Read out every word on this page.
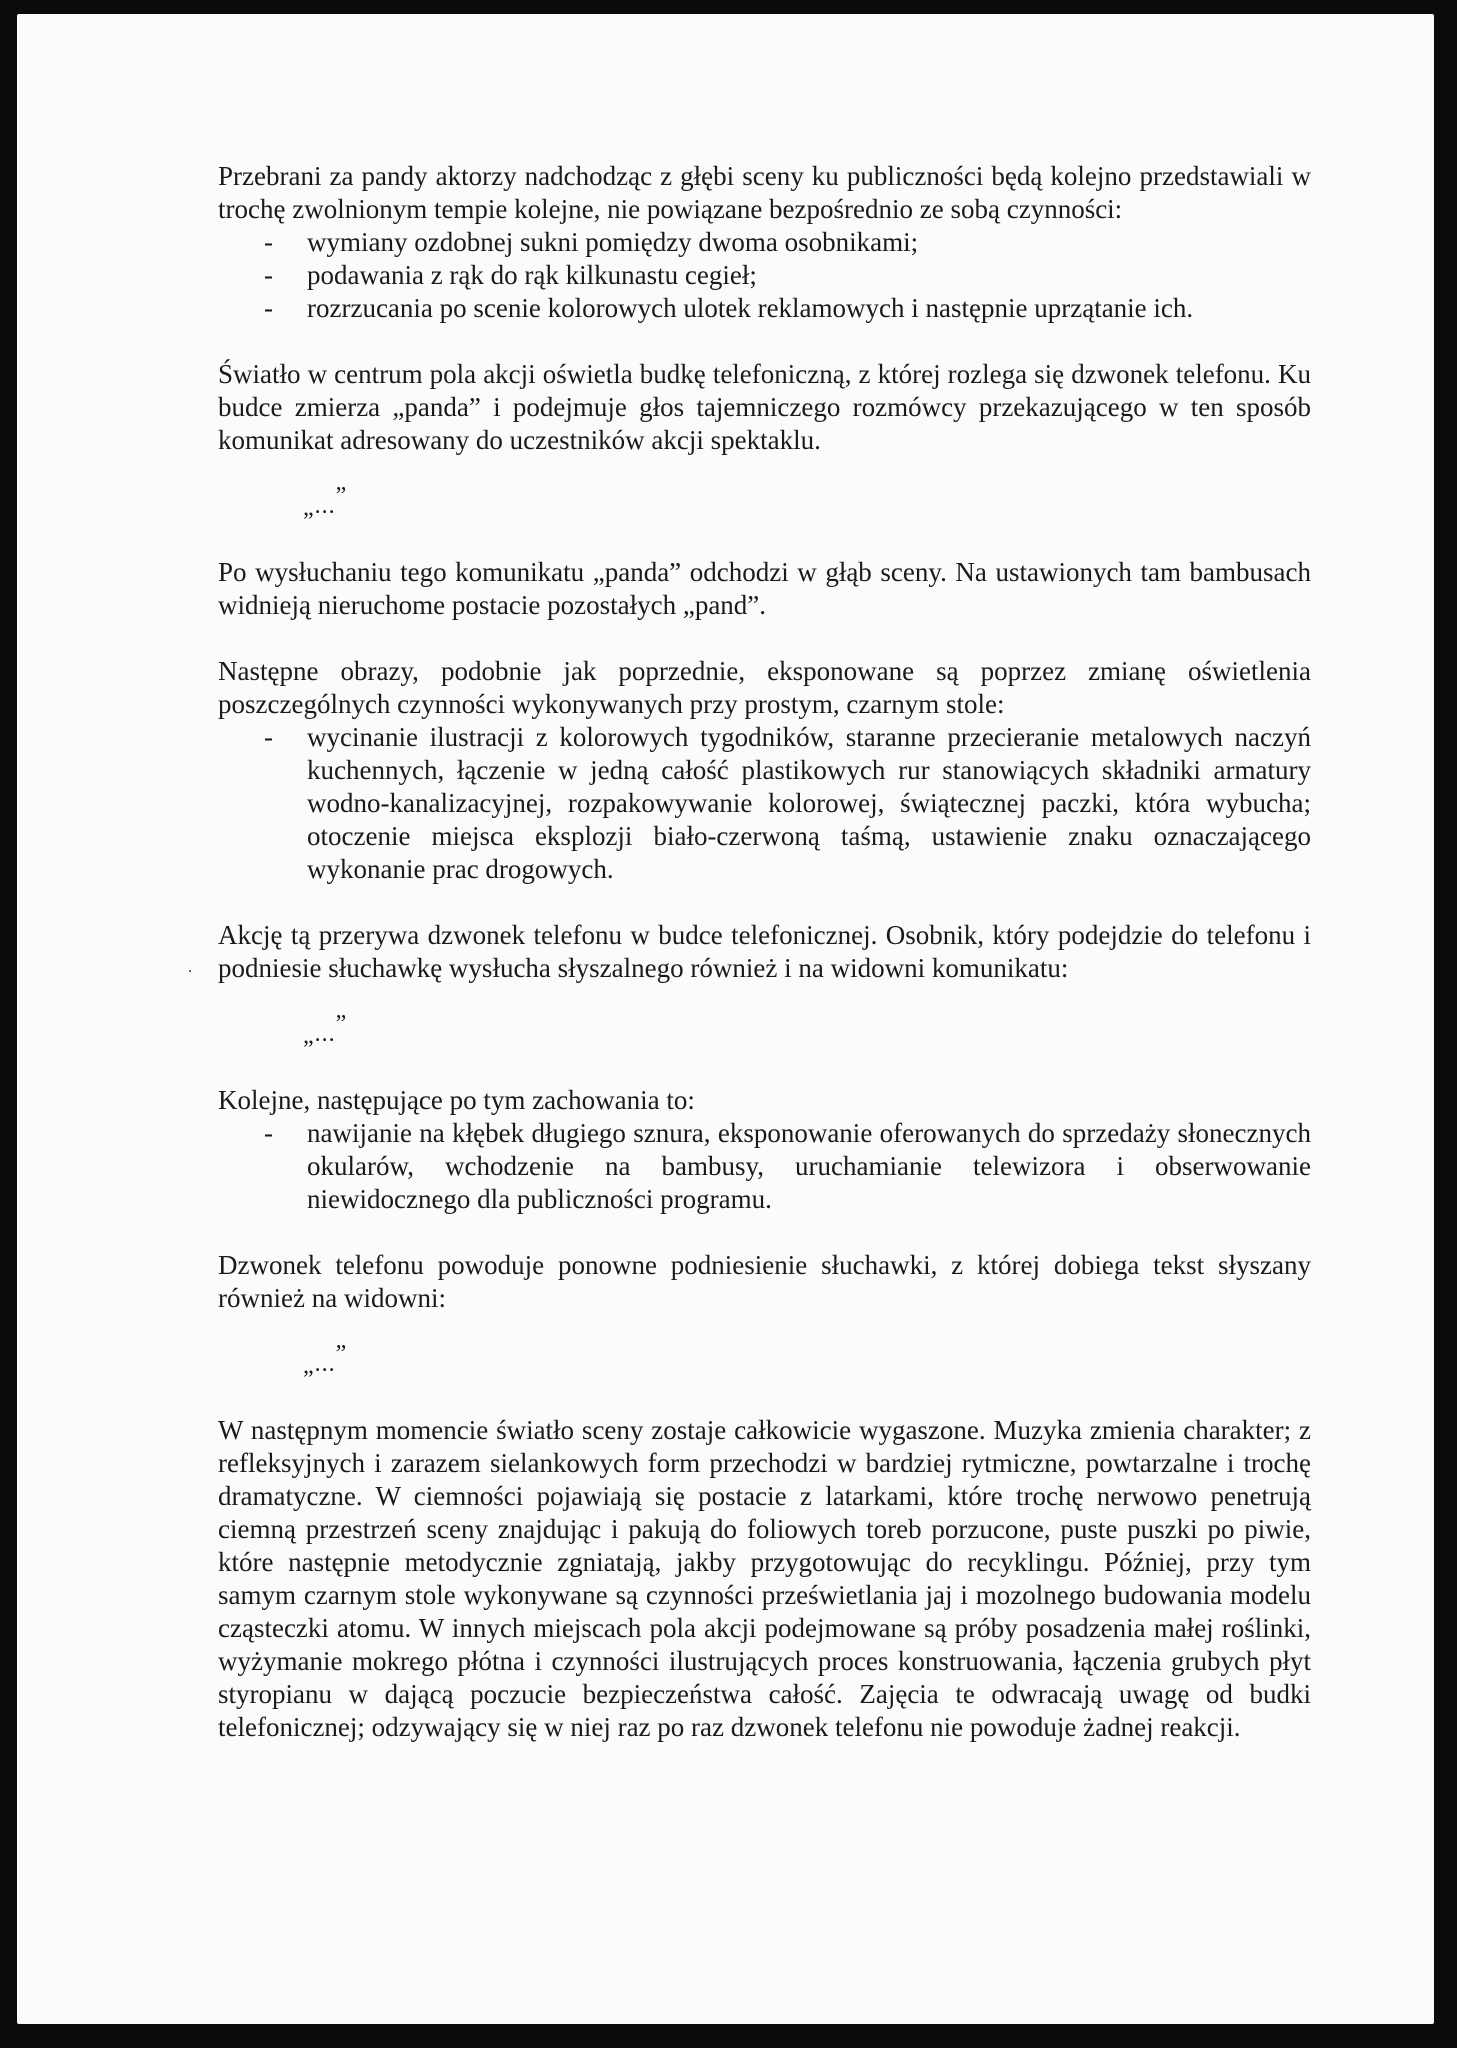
Przebrani za pandy aktorzy nadchodząc z głębi sceny ku publiczności będą kolejno przedstawiali w trochę zwolnionym tempie kolejne, nie powiązane bezpośrednio ze sobą czynności:

- wymiany ozdobnej sukni pomiędzy dwoma osobnikami;
- podawania z rąk do rąk kilkunastu cegieł;
- rozrzucania po scenie kolorowych ulotek reklamowych i następnie uprzątanie ich.

Światło w centrum pola akcji oświetla budkę telefoniczną, z której rozlega się dzwonek telefonu. Ku budce zmierza „panda” i podejmuje głos tajemniczego rozmówcy przekazującego w ten sposób komunikat adresowany do uczestników akcji spektaklu.

„...”

Po wysłuchaniu tego komunikatu „panda” odchodzi w głąb sceny. Na ustawionych tam bambusach widnieją nieruchome postacie pozostałych „pand”.

Następne obrazy, podobnie jak poprzednie, eksponowane są poprzez zmianę oświetlenia poszczególnych czynności wykonywanych przy prostym, czarnym stole:

- wycinanie ilustracji z kolorowych tygodników, staranne przecieranie metalowych naczyń kuchennych, łączenie w jedną całość plastikowych rur stanowiących składniki armatury wodno-kanalizacyjnej, rozpakowywanie kolorowej, świątecznej paczki, która wybucha; otoczenie miejsca eksplozji biało-czerwoną taśmą, ustawienie znaku oznaczającego wykonanie prac drogowych.

Akcję tą przerywa dzwonek telefonu w budce telefonicznej. Osobnik, który podejdzie do telefonu i podniesie słuchawkę wysłucha słyszalnego również i na widowni komunikatu:

„...”

Kolejne, następujące po tym zachowania to:

- nawijanie na kłębek długiego sznura, eksponowanie oferowanych do sprzedaży słonecznych okularów, wchodzenie na bambusy, uruchamianie telewizora i obserwowanie niewidocznego dla publiczności programu.

Dzwonek telefonu powoduje ponowne podniesienie słuchawki, z której dobiega tekst słyszany również na widowni:

„...”

W następnym momencie światło sceny zostaje całkowicie wygaszone. Muzyka zmienia charakter; z refleksyjnych i zarazem sielankowych form przechodzi w bardziej rytmiczne, powtarzalne i trochę dramatyczne. W ciemności pojawiają się postacie z latarkami, które trochę nerwowo penetrują ciemną przestrzeń sceny znajdując i pakują do foliowych toreb porzucone, puste puszki po piwie, które następnie metodycznie zgniatają, jakby przygotowując do recyklingu. Później, przy tym samym czarnym stole wykonywane są czynności prześwietlania jaj i mozolnego budowania modelu cząsteczki atomu. W innych miejscach pola akcji podejmowane są próby posadzenia małej roślinki, wyżymanie mokrego płótna i czynności ilustrujących proces konstruowania, łączenia grubych płyt styropianu w dającą poczucie bezpieczeństwa całość. Zajęcia te odwracają uwagę od budki telefonicznej; odzywający się w niej raz po raz dzwonek telefonu nie powoduje żadnej reakcji.
